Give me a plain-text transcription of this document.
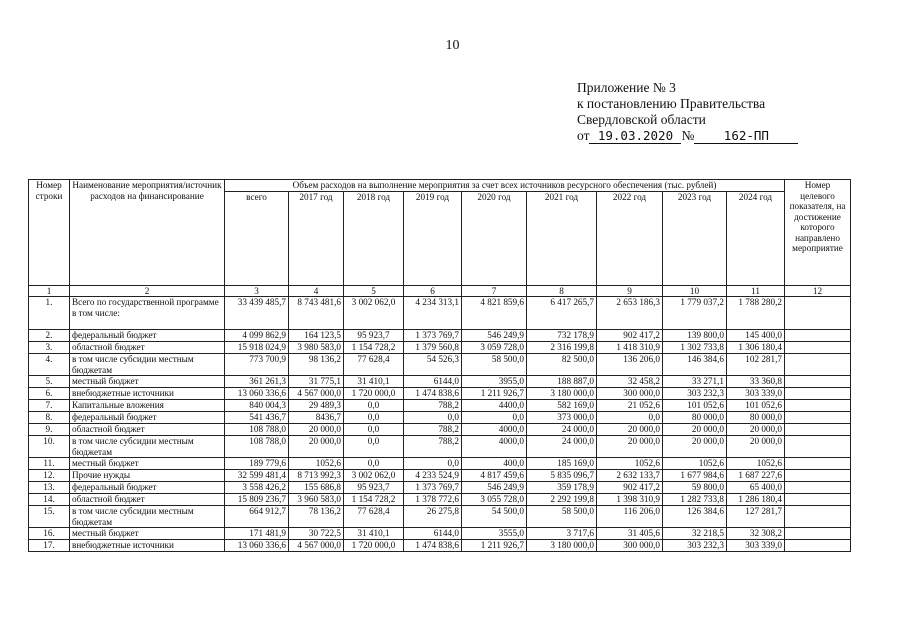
10
Приложение № 3
к постановлению Правительства
Свердловской области
от 19.03.2020 № 162-ПП
Номер строки	Наименование мероприятия/источник расходов на финансирование	Объем расходов на выполнение мероприятия за счет всех источников ресурсного обеспечения (тыс. рублей)									Номер целевого показателя, на достижение которого направлено мероприятие
		всего	2017 год	2018 год	2019 год	2020 год	2021 год	2022 год	2023 год	2024 год	
1	2	3	4	5	6	7	8	9	10	11	12
1.	Всего по государственной программе в том числе:	33 439 485,7	8 743 481,6	3 002 062,0	4 234 313,1	4 821 859,6	6 417 265,7	2 653 186,3	1 779 037,2	1 788 280,2	
2.	федеральный бюджет	4 099 862,9	164 123,5	95 923,7	1 373 769,7	546 249,9	732 178,9	902 417,2	139 800,0	145 400,0	
3.	областной бюджет	15 918 024,9	3 980 583,0	1 154 728,2	1 379 560,8	3 059 728,0	2 316 199,8	1 418 310,9	1 302 733,8	1 306 180,4	
4.	в том числе субсидии местным бюджетам	773 700,9	98 136,2	77 628,4	54 526,3	58 500,0	82 500,0	136 206,0	146 384,6	102 281,7	
5.	местный бюджет	361 261,3	31 775,1	31 410,1	6144,0	3955,0	188 887,0	32 458,2	33 271,1	33 360,8	
6.	внебюджетные источники	13 060 336,6	4 567 000,0	1 720 000,0	1 474 838,6	1 211 926,7	3 180 000,0	300 000,0	303 232,3	303 339,0	
7.	Капитальные вложения	840 004,3	29 489,3	0,0	788,2	4400,0	582 169,0	21 052,6	101 052,6	101 052,6	
8.	федеральный бюджет	541 436,7	8436,7	0,0	0,0	0,0	373 000,0	0,0	80 000,0	80 000,0	
9.	областной бюджет	108 788,0	20 000,0	0,0	788,2	4000,0	24 000,0	20 000,0	20 000,0	20 000,0	
10.	в том числе субсидии местным бюджетам	108 788,0	20 000,0	0,0	788,2	4000,0	24 000,0	20 000,0	20 000,0	20 000,0	
11.	местный бюджет	189 779,6	1052,6	0,0	0,0	400,0	185 169,0	1052,6	1052,6	1052,6	
12.	Прочие нужды	32 599 481,4	8 713 992,3	3 002 062,0	4 233 524,9	4 817 459,6	5 835 096,7	2 632 133,7	1 677 984,6	1 687 227,6	
13.	федеральный бюджет	3 558 426,2	155 686,8	95 923,7	1 373 769,7	546 249,9	359 178,9	902 417,2	59 800,0	65 400,0	
14.	областной бюджет	15 809 236,7	3 960 583,0	1 154 728,2	1 378 772,6	3 055 728,0	2 292 199,8	1 398 310,9	1 282 733,8	1 286 180,4	
15.	в том числе субсидии местным бюджетам	664 912,7	78 136,2	77 628,4	26 275,8	54 500,0	58 500,0	116 206,0	126 384,6	127 281,7	
16.	местный бюджет	171 481,9	30 722,5	31 410,1	6144,0	3555,0	3 717,6	31 405,6	32 218,5	32 308,2	
17.	внебюджетные источники	13 060 336,6	4 567 000,0	1 720 000,0	1 474 838,6	1 211 926,7	3 180 000,0	300 000,0	303 232,3	303 339,0	
